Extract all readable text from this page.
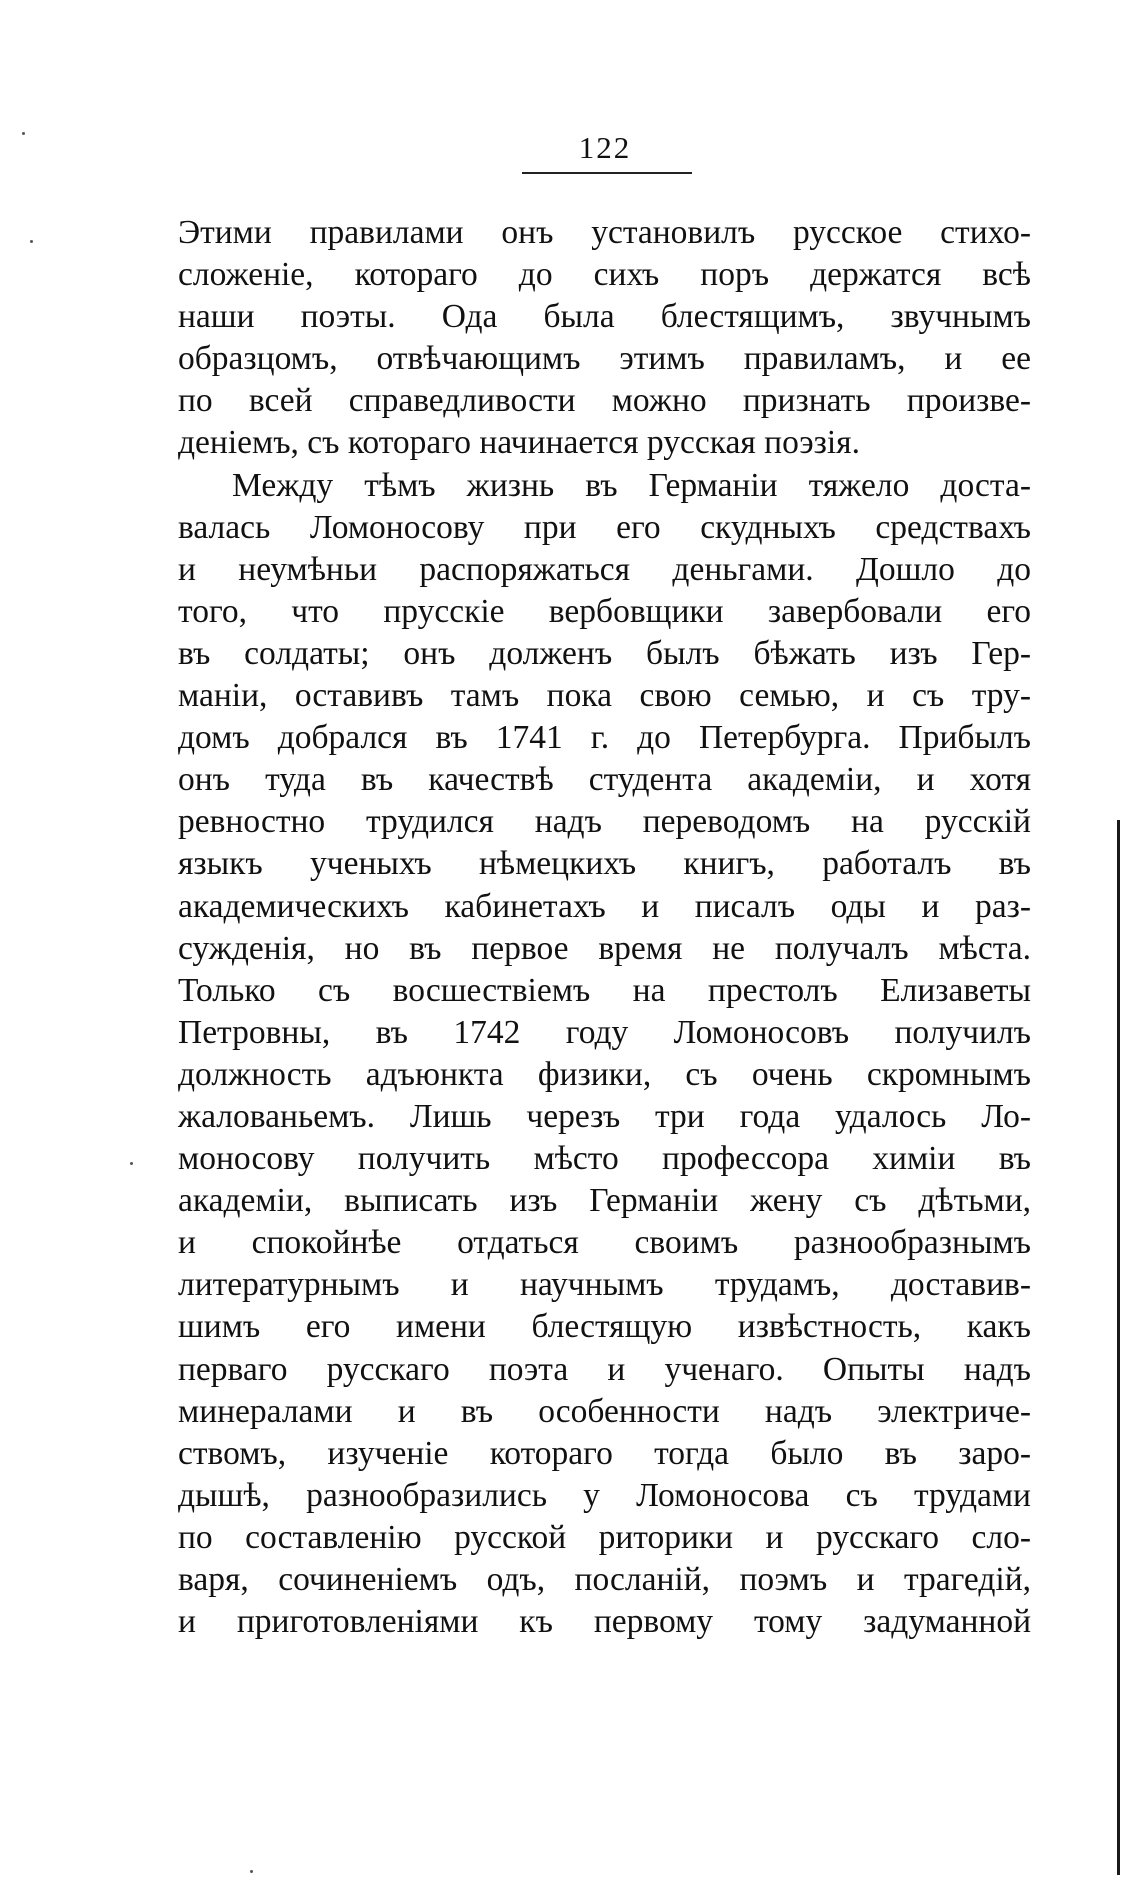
122
Этими правилами онъ установилъ русское стихо-
сложеніе, котораго до сихъ поръ держатся всѣ
наши поэты. Ода была блестящимъ, звучнымъ
образцомъ, отвѣчающимъ этимъ правиламъ, и ее
по всей справедливости можно признать произве-
деніемъ, съ котораго начинается русская поэзія.
Между тѣмъ жизнь въ Германіи тяжело доста-
валась Ломоносову при его скудныхъ средствахъ
и неумѣньи распоряжаться деньгами. Дошло до
того, что прусскіе вербовщики завербовали его
въ солдаты; онъ долженъ былъ бѣжать изъ Гер-
маніи, оставивъ тамъ пока свою семью, и съ тру-
домъ добрался въ 1741 г. до Петербурга. Прибылъ
онъ туда въ качествѣ студента академіи, и хотя
ревностно трудился надъ переводомъ на русскій
языкъ ученыхъ нѣмецкихъ книгъ, работалъ въ
академическихъ кабинетахъ и писалъ оды и раз-
сужденія, но въ первое время не получалъ мѣста.
Только съ восшествіемъ на престолъ Елизаветы
Петровны, въ 1742 году Ломоносовъ получилъ
должность адъюнкта физики, съ очень скромнымъ
жалованьемъ. Лишь черезъ три года удалось Ло-
моносову получить мѣсто профессора химіи въ
академіи, выписать изъ Германіи жену съ дѣтьми,
и спокойнѣе отдаться своимъ разнообразнымъ
литературнымъ и научнымъ трудамъ, доставив-
шимъ его имени блестящую извѣстность, какъ
перваго русскаго поэта и ученаго. Опыты надъ
минералами и въ особенности надъ электриче-
ствомъ, изученіе котораго тогда было въ заро-
дышѣ, разнообразились у Ломоносова съ трудами
по составленію русской риторики и русскаго сло-
варя, сочиненіемъ одъ, посланій, поэмъ и трагедій,
и приготовленіями къ первому тому задуманной
